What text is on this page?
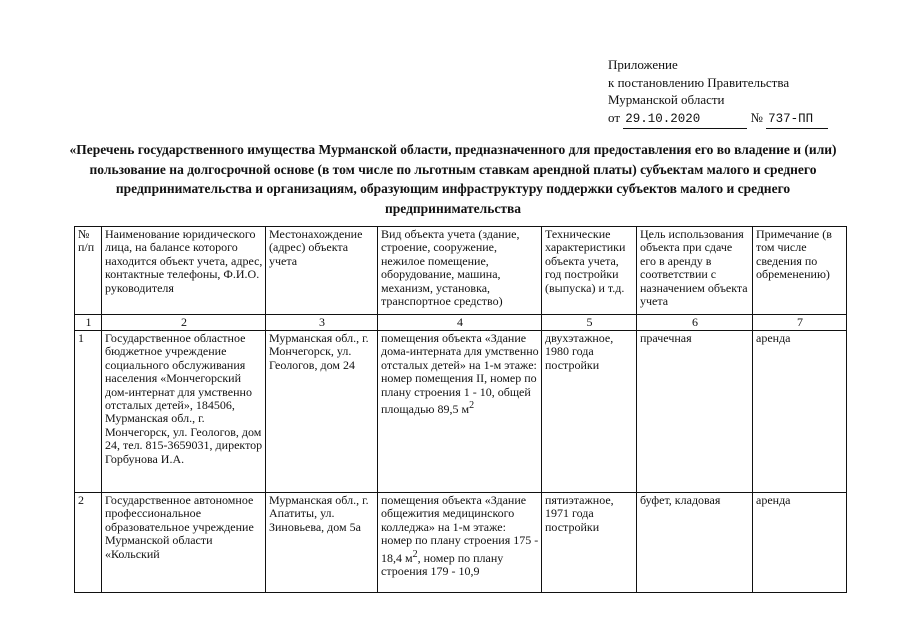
Приложение
к постановлению Правительства
Мурманской области
от 29.10.2020	№ 737-ПП
«Перечень государственного имущества Мурманской области, предназначенного для предоставления его во владение и (или) пользование на долгосрочной основе (в том числе по льготным ставкам арендной платы) субъектам малого и среднего предпринимательства и организациям, образующим инфраструктуру поддержки субъектов малого и среднего предпринимательства
№ п/п	Наименование юридического лица, на балансе которого находится объект учета, адрес, контактные телефоны, Ф.И.О. руководителя	Местонахождение (адрес) объекта учета	Вид объекта учета (здание, строение, сооружение, нежилое помещение, оборудование, машина, механизм, установка, транспортное средство)	Технические характеристики объекта учета, год постройки (выпуска) и т.д.	Цель использования объекта при сдаче его в аренду в соответствии с назначением объекта учета	Примечание (в том числе сведения по обременению)
1	2	3	4	5	6	7
1	Государственное областное бюджетное учреждение социального обслуживания населения «Мончегорский дом-интернат для умственно отсталых детей», 184506, Мурманская обл., г. Мончегорск, ул. Геологов, дом 24, тел. 815-3659031, директор Горбунова И.А.	Мурманская обл., г. Мончегорск, ул. Геологов, дом 24	помещения объекта «Здание дома-интерната для умственно отсталых детей» на 1-м этаже: номер помещения II, номер по плану строения 1 - 10, общей площадью 89,5 $м^2$	двухэтажное, 1980 года постройки	прачечная	аренда
2	Государственное автономное профессиональное образовательное учреждение Мурманской области «Кольский	Мурманская обл., г. Апатиты, ул. Зиновьева, дом 5а	помещения объекта «Здание общежития медицинского колледжа» на 1-м этаже: номер по плану строения 175 - 18,4 $м^2$, номер по плану строения 179 - 10,9	пятиэтажное, 1971 года постройки	буфет, кладовая	аренда
